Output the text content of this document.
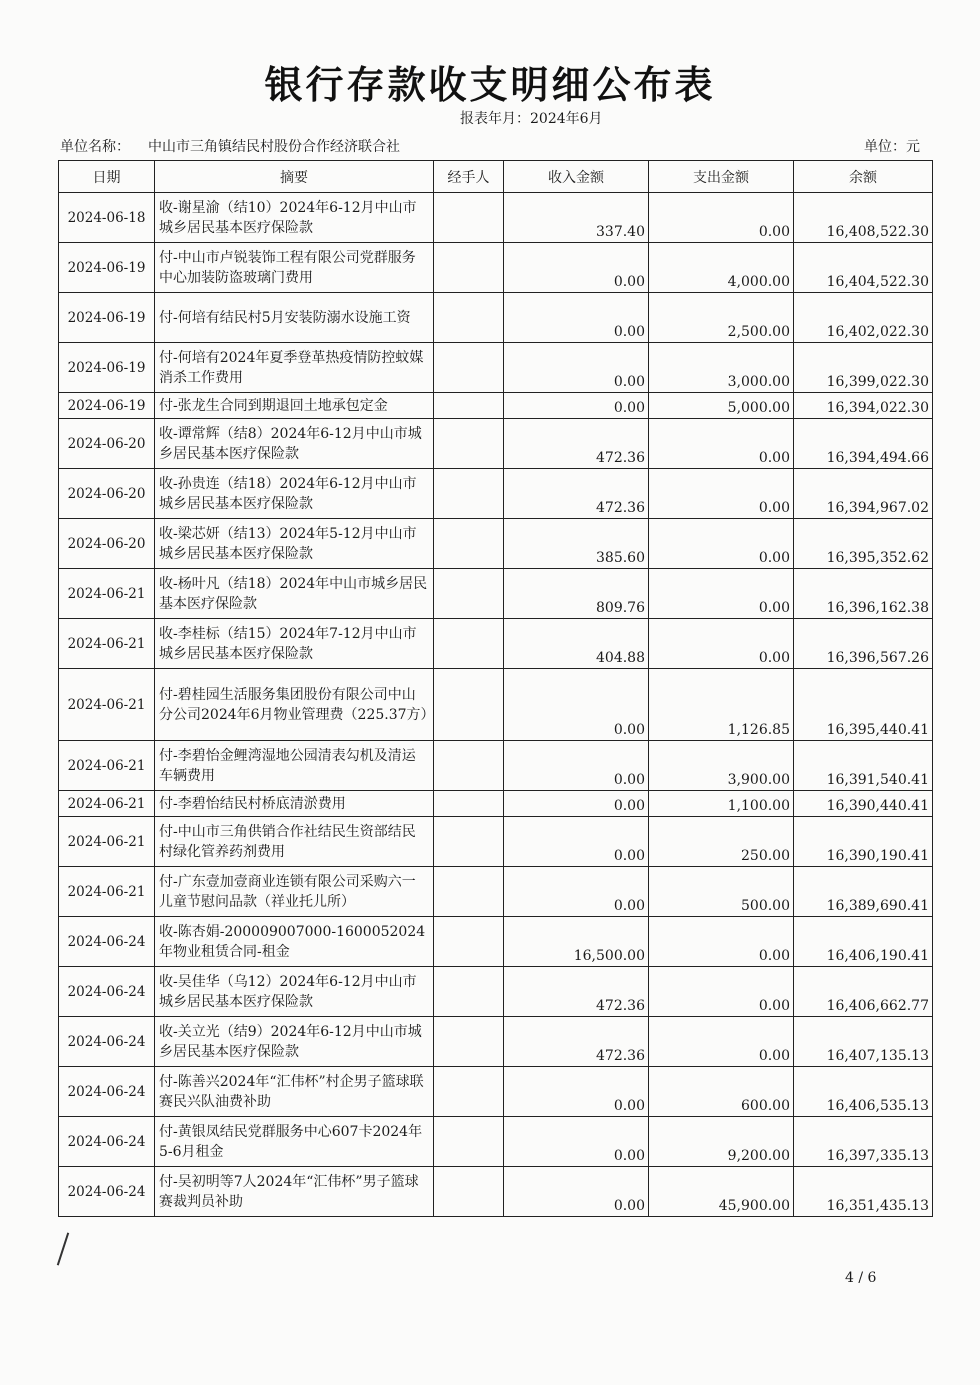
银行存款收支明细公布表
报表年月：2024年6月
单位名称： 中山市三角镇结民村股份合作经济联合社	单位：元
日期	摘要	经手人	收入金额	支出金额	余额
2024-06-18	收-谢星渝（结10）2024年6-12月中山市城乡居民基本医疗保险款		337.40	0.00	16,408,522.30
2024-06-19	付-中山市卢锐装饰工程有限公司党群服务中心加装防盗玻璃门费用		0.00	4,000.00	16,404,522.30
2024-06-19	付-何培有结民村5月安装防溺水设施工资		0.00	2,500.00	16,402,022.30
2024-06-19	付-何培有2024年夏季登革热疫情防控蚊媒消杀工作费用		0.00	3,000.00	16,399,022.30
2024-06-19	付-张龙生合同到期退回土地承包定金		0.00	5,000.00	16,394,022.30
2024-06-20	收-谭常辉（结8）2024年6-12月中山市城乡居民基本医疗保险款		472.36	0.00	16,394,494.66
2024-06-20	收-孙贵连（结18）2024年6-12月中山市城乡居民基本医疗保险款		472.36	0.00	16,394,967.02
2024-06-20	收-梁芯妍（结13）2024年5-12月中山市城乡居民基本医疗保险款		385.60	0.00	16,395,352.62
2024-06-21	收-杨叶凡（结18）2024年中山市城乡居民基本医疗保险款		809.76	0.00	16,396,162.38
2024-06-21	收-李桂标（结15）2024年7-12月中山市城乡居民基本医疗保险款		404.88	0.00	16,396,567.26
2024-06-21	付-碧桂园生活服务集团股份有限公司中山分公司2024年6月物业管理费（225.37方）		0.00	1,126.85	16,395,440.41
2024-06-21	付-李碧怡金鲤湾湿地公园清表勾机及清运车辆费用		0.00	3,900.00	16,391,540.41
2024-06-21	付-李碧怡结民村桥底清淤费用		0.00	1,100.00	16,390,440.41
2024-06-21	付-中山市三角供销合作社结民生资部结民村绿化管养药剂费用		0.00	250.00	16,390,190.41
2024-06-21	付-广东壹加壹商业连锁有限公司采购六一儿童节慰问品款（祥业托儿所）		0.00	500.00	16,389,690.41
2024-06-24	收-陈杏娟-200009007000-1600052024年物业租赁合同-租金		16,500.00	0.00	16,406,190.41
2024-06-24	收-吴佳华（乌12）2024年6-12月中山市城乡居民基本医疗保险款		472.36	0.00	16,406,662.77
2024-06-24	收-关立光（结9）2024年6-12月中山市城乡居民基本医疗保险款		472.36	0.00	16,407,135.13
2024-06-24	付-陈善兴2024年“汇伟杯”村企男子篮球联赛民兴队油费补助		0.00	600.00	16,406,535.13
2024-06-24	付-黄银凤结民党群服务中心607卡2024年5-6月租金		0.00	9,200.00	16,397,335.13
2024-06-24	付-吴初明等7人2024年“汇伟杯”男子篮球赛裁判员补助		0.00	45,900.00	16,351,435.13
4 / 6
